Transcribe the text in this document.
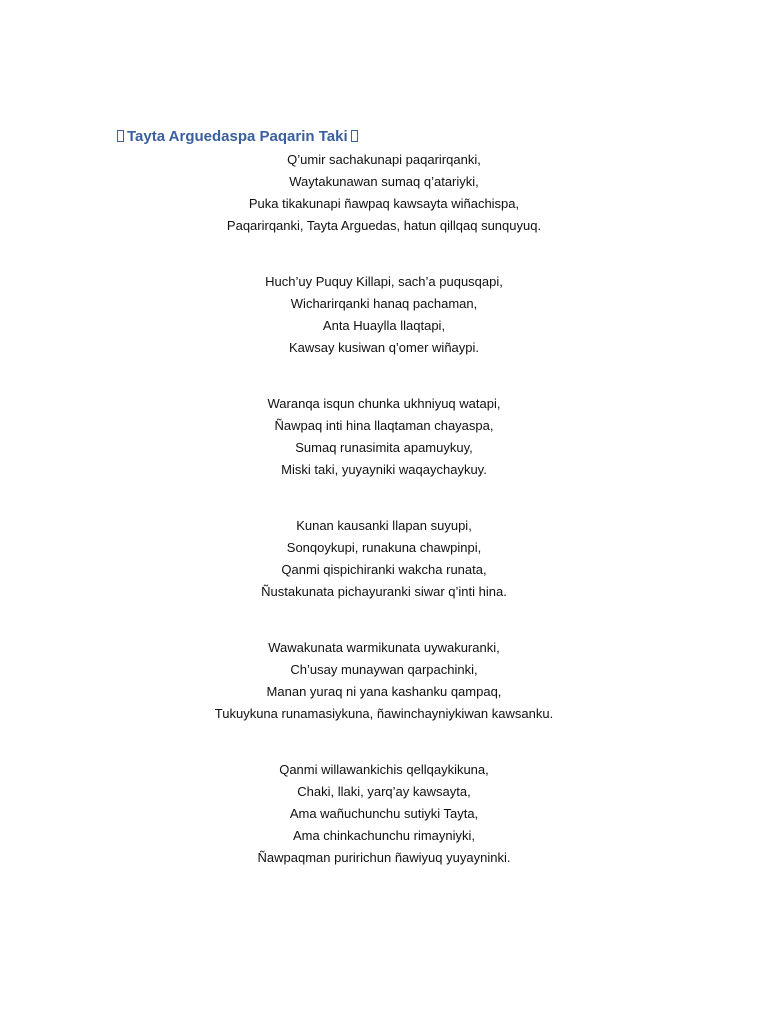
Tayta Arguedaspa Paqarin Taki
Q’umir sachakunapi paqarirqanki,
Waytakunawan sumaq q’atariyki,
Puka tikakunapi ñawpaq kawsayta wiñachispa,
Paqarirqanki, Tayta Arguedas, hatun qillqaq sunquyuq.
Huch’uy Puquy Killapi, sach’a puqusqapi,
Wicharirqanki hanaq pachaman,
Anta Huaylla llaqtapi,
Kawsay kusiwan q’omer wiñaypi.
Waranqa isqun chunka ukhniyuq watapi,
Ñawpaq inti hina llaqtaman chayaspa,
Sumaq runasimita apamuykuy,
Miski taki, yuyayniki waqaychaykuy.
Kunan kausanki llapan suyupi,
Sonqoykupi, runakuna chawpinpi,
Qanmi qispichiranki wakcha runata,
Ñustakunata pichayuranki siwar q’inti hina.
Wawakunata warmikunata uywakuranki,
Ch’usay munaywan qarpachinki,
Manan yuraq ni yana kashanku qampaq,
Tukuykuna runamasiykuna, ñawinchayniykiwan kawsanku.
Qanmi willawankichis qellqaykikuna,
Chaki, llaki, yarq’ay kawsayta,
Ama wañuchunchu sutiyki Tayta,
Ama chinkachunchu rimayniyki,
Ñawpaqman puririchun ñawiyuq yuyayninki.
